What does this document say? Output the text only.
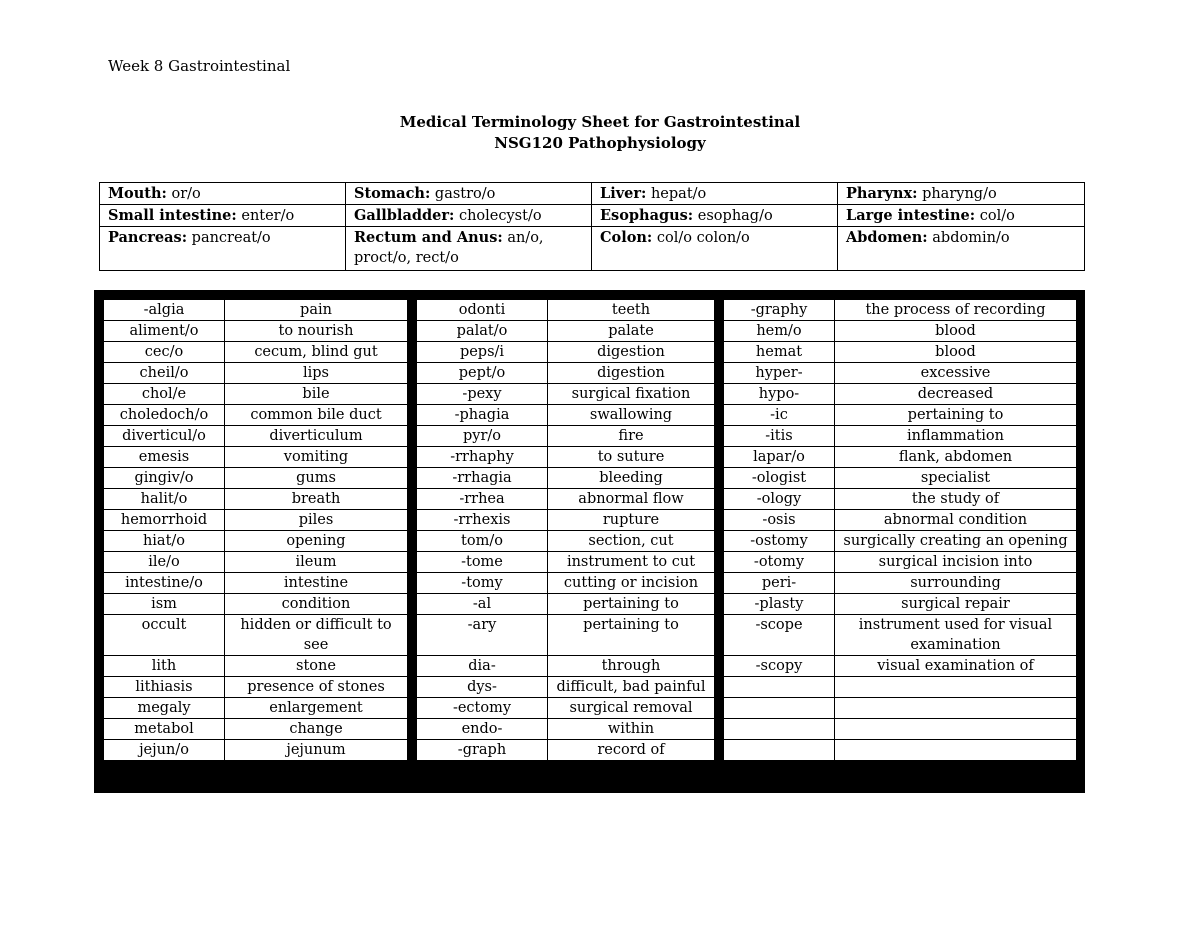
Week 8 Gastrointestinal
Medical Terminology Sheet for Gastrointestinal
NSG120 Pathophysiology
Mouth: or/o	Stomach: gastro/o	Liver: hepat/o	Pharynx: pharyng/o
Small intestine: enter/o	Gallbladder: cholecyst/o	Esophagus: esophag/o	Large intestine: col/o
Pancreas: pancreat/o	Rectum and Anus: an/o, proct/o, rect/o	Colon: col/o colon/o	Abdomen: abdomin/o
-algia	pain		odonti	teeth		-graphy	the process of recording
aliment/o	to nourish		palat/o	palate		hem/o	blood
cec/o	cecum, blind gut		peps/i	digestion		hemat	blood
cheil/o	lips		pept/o	digestion		hyper-	excessive
chol/e	bile		-pexy	surgical fixation		hypo-	decreased
choledoch/o	common bile duct		-phagia	swallowing		-ic	pertaining to
diverticul/o	diverticulum		pyr/o	fire		-itis	inflammation
emesis	vomiting		-rrhaphy	to suture		lapar/o	flank, abdomen
gingiv/o	gums		-rrhagia	bleeding		-ologist	specialist
halit/o	breath		-rrhea	abnormal flow		-ology	the study of
hemorrhoid	piles		-rrhexis	rupture		-osis	abnormal condition
hiat/o	opening		tom/o	section, cut		-ostomy	surgically creating an opening
ile/o	ileum		-tome	instrument to cut		-otomy	surgical incision into
intestine/o	intestine		-tomy	cutting or incision		peri-	surrounding
ism	condition		-al	pertaining to		-plasty	surgical repair
occult	hidden or difficult to see		-ary	pertaining to		-scope	instrument used for visual examination
lith	stone		dia-	through		-scopy	visual examination of
lithiasis	presence of stones		dys-	difficult, bad painful			
megaly	enlargement		-ectomy	surgical removal			
metabol	change		endo-	within			
jejun/o	jejunum		-graph	record of			
